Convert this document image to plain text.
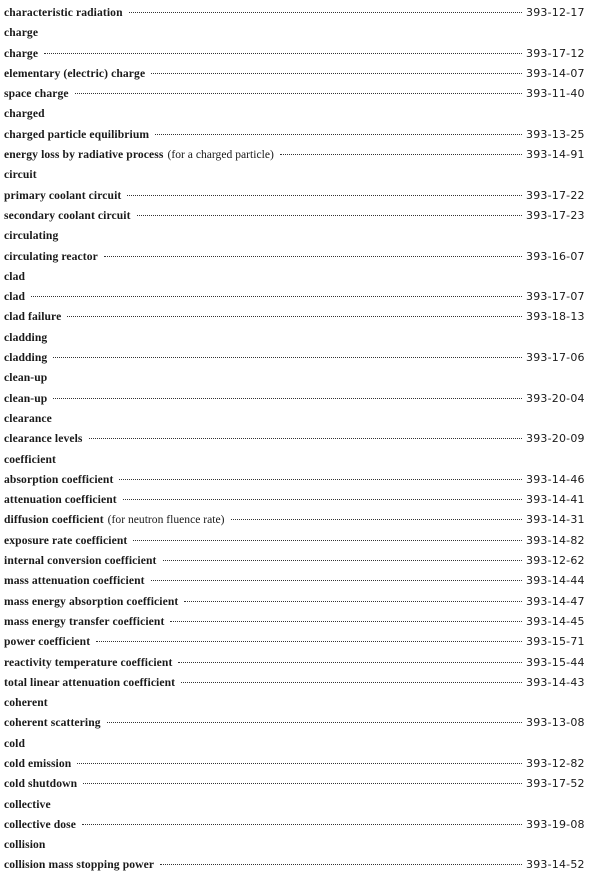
characteristic radiation	393-12-17
charge
charge	393-17-12
elementary (electric) charge	393-14-07
space charge	393-11-40
charged
charged particle equilibrium	393-13-25
energy loss by radiative process (for a charged particle)	393-14-91
circuit
primary coolant circuit	393-17-22
secondary coolant circuit	393-17-23
circulating
circulating reactor	393-16-07
clad
clad	393-17-07
clad failure	393-18-13
cladding
cladding	393-17-06
clean-up
clean-up	393-20-04
clearance
clearance levels	393-20-09
coefficient
absorption coefficient	393-14-46
attenuation coefficient	393-14-41
diffusion coefficient (for neutron fluence rate)	393-14-31
exposure rate coefficient	393-14-82
internal conversion coefficient	393-12-62
mass attenuation coefficient	393-14-44
mass energy absorption coefficient	393-14-47
mass energy transfer coefficient	393-14-45
power coefficient	393-15-71
reactivity temperature coefficient	393-15-44
total linear attenuation coefficient	393-14-43
coherent
coherent scattering	393-13-08
cold
cold emission	393-12-82
cold shutdown	393-17-52
collective
collective dose	393-19-08
collision
collision mass stopping power	393-14-52
